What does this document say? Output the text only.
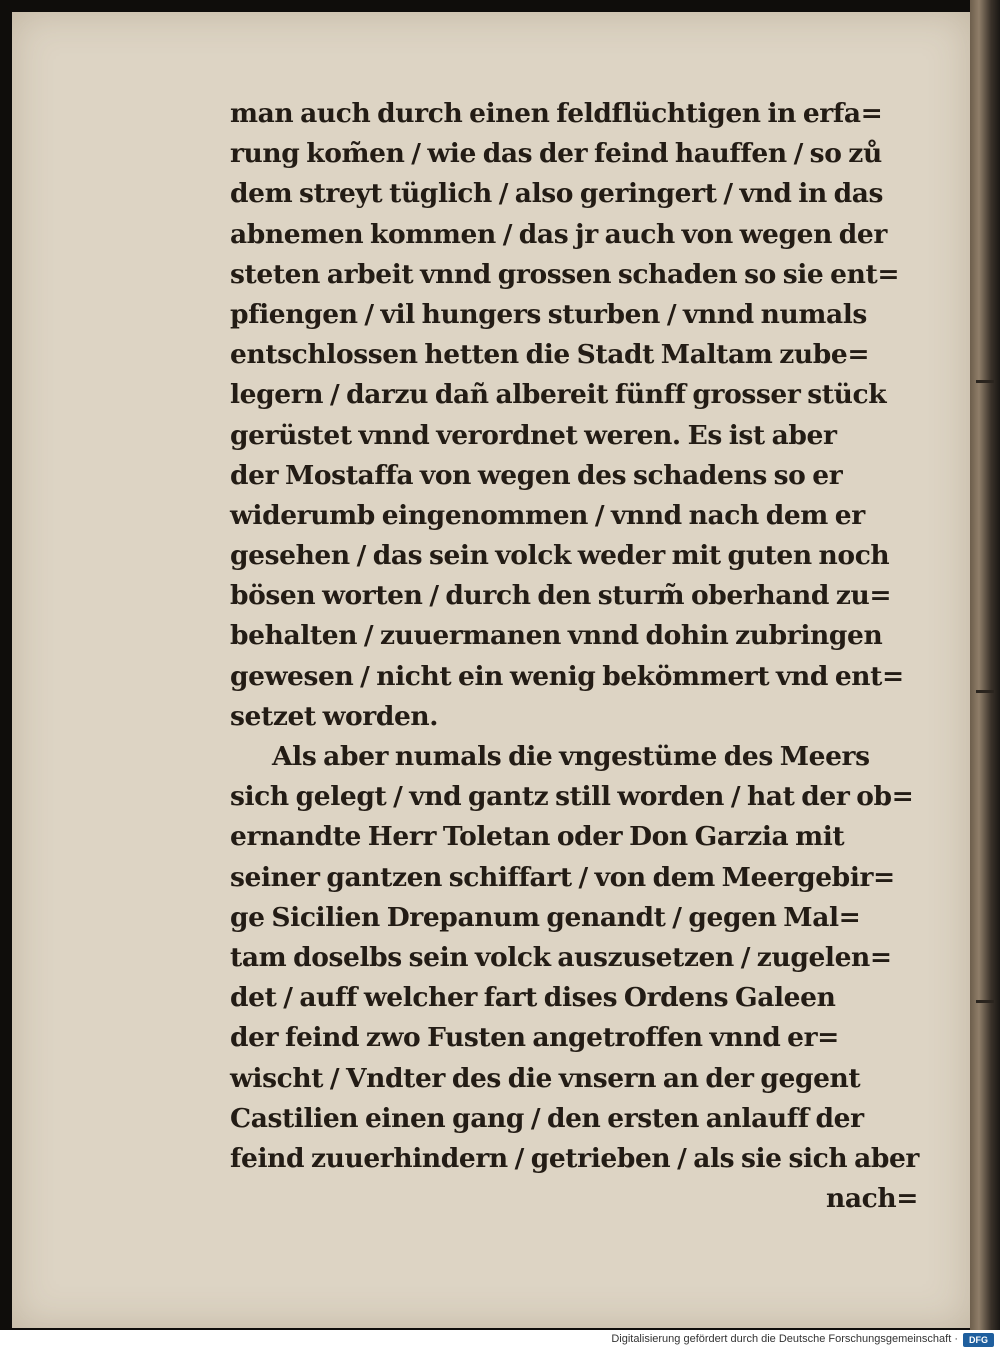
man auch durch einen feldflüchtigen in erfa=
rung kom̃en / wie das der feind hauffen / so zů
dem streyt tüglich / also geringert / vnd in das
abnemen kommen / das jr auch von wegen der
steten arbeit vnnd grossen schaden so sie ent=
pfiengen / vil hungers sturben / vnnd numals
entschlossen hetten die Stadt Maltam zube=
legern / darzu dañ albereit fünff grosser stück
gerüstet vnnd verordnet weren. Es ist aber
der Mostaffa von wegen des schadens so er
widerumb eingenommen / vnnd nach dem er
gesehen / das sein volck weder mit guten noch
bösen worten / durch den sturm̃ oberhand zu=
behalten / zuuermanen vnnd dohin zubringen
gewesen / nicht ein wenig bekömmert vnd ent=
setzet worden.
Als aber numals die vngestüme des Meers
sich gelegt / vnd gantz still worden / hat der ob=
ernandte Herr Toletan oder Don Garzia mit
seiner gantzen schiffart / von dem Meergebir=
ge Sicilien Drepanum genandt / gegen Mal=
tam doselbs sein volck auszusetzen / zugelen=
det / auff welcher fart dises Ordens Galeen
der feind zwo Fusten angetroffen vnnd er=
wischt / Vndter des die vnsern an der gegent
Castilien einen gang / den ersten anlauff der
feind zuuerhindern / getrieben / als sie sich aber
nach=
Digitalisierung gefördert durch die Deutsche Forschungsgemeinschaft ·	DFG
